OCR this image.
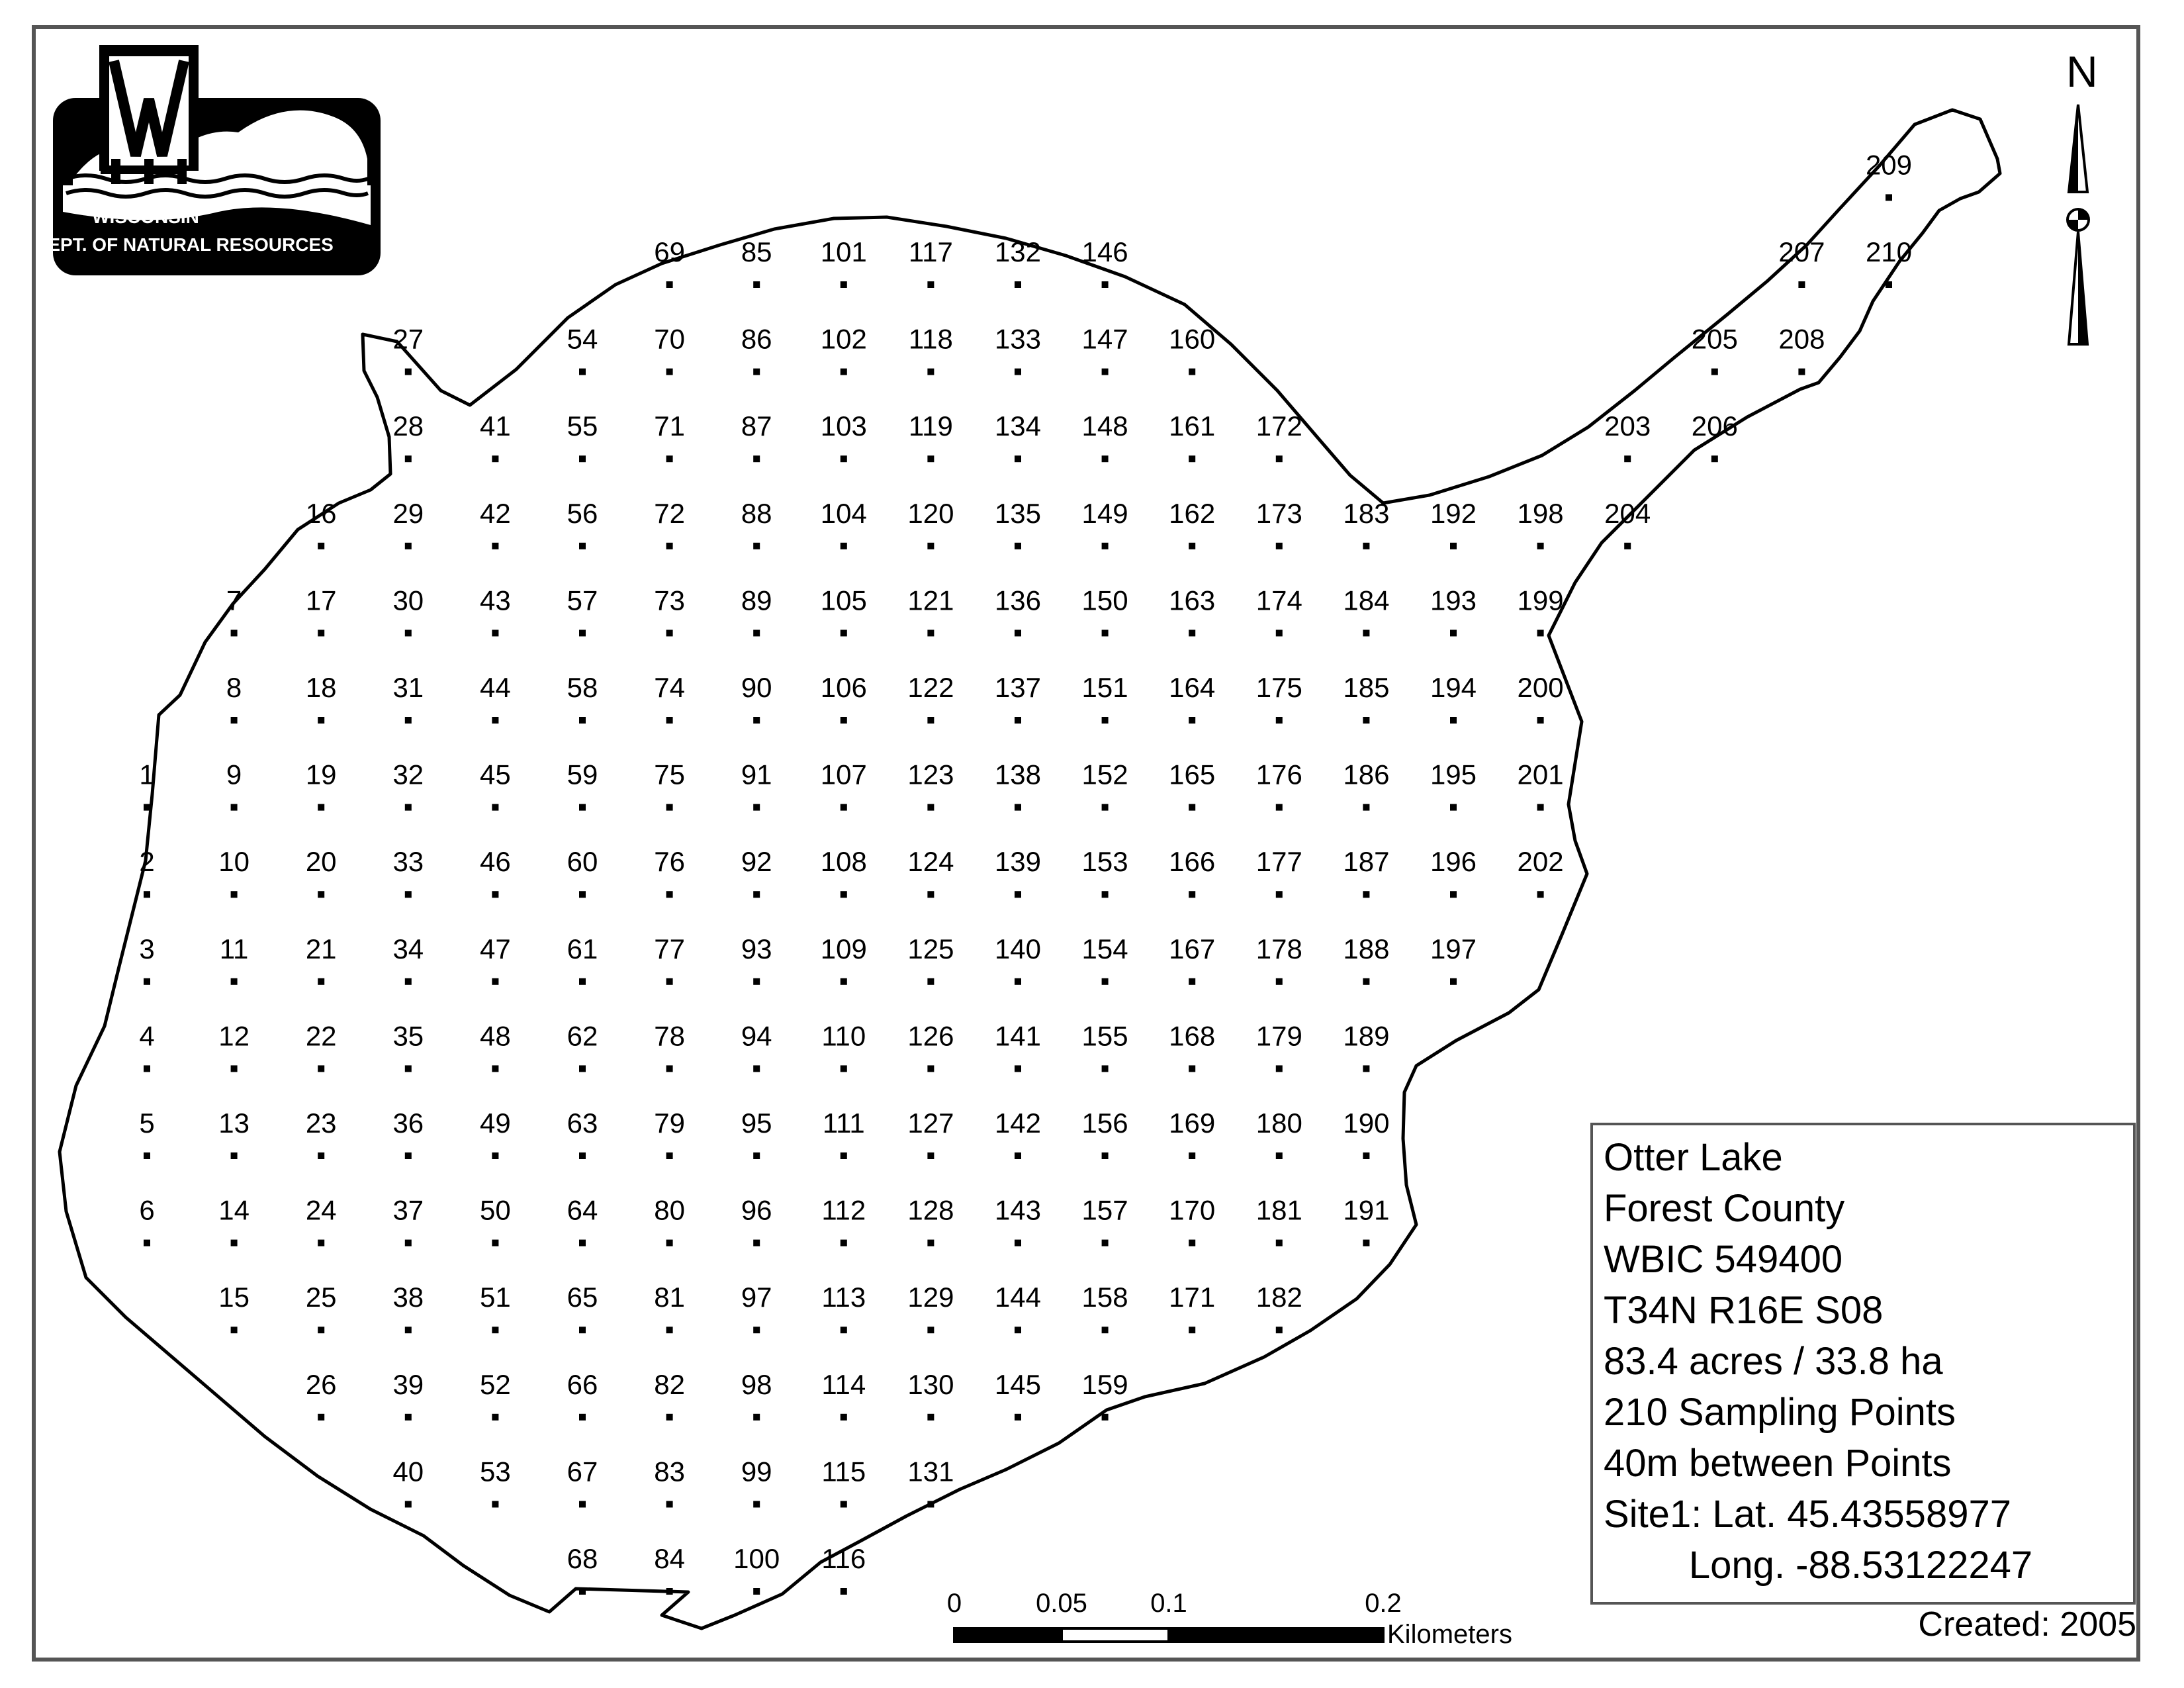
WISCONSIN
DEPT. OF NATURAL RESOURCES
1
2
3
4
5
6
7
8
9
10
11
12
13
14
15
16
17
18
19
20
21
22
23
24
25
26
27
28
29
30
31
32
33
34
35
36
37
38
39
40
41
42
43
44
45
46
47
48
49
50
51
52
53
54
55
56
57
58
59
60
61
62
63
64
65
66
67
68
69
70
71
72
73
74
75
76
77
78
79
80
81
82
83
84
85
86
87
88
89
90
91
92
93
94
95
96
97
98
99
100
101
102
103
104
105
106
107
108
109
110
111
112
113
114
115
116
117
118
119
120
121
122
123
124
125
126
127
128
129
130
131
132
133
134
135
136
137
138
139
140
141
142
143
144
145
146
147
148
149
150
151
152
153
154
155
156
157
158
159
160
161
162
163
164
165
166
167
168
169
170
171
172
173
174
175
176
177
178
179
180
181
182
183
184
185
186
187
188
189
190
191
192
193
194
195
196
197
198
199
200
201
202
203
204
205
206
207
208
209
210
0	0.05 0.1	0.2
Kilometers
N
Otter Lake
Forest County
WBIC 549400
T34N R16E S08
83.4 acres / 33.8 ha
210 Sampling Points
40m between Points
Site1: Lat. 45.43558977
Long. -88.53122247
Created: 2005
